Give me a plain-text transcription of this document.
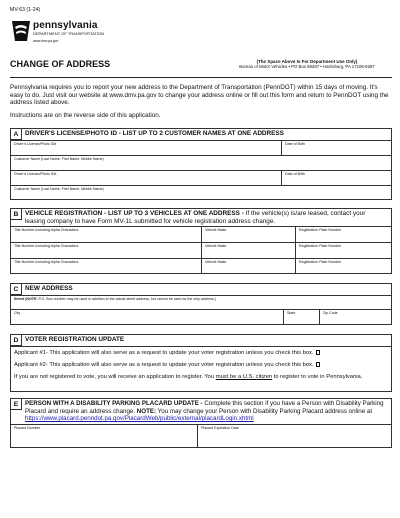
MV-63 (1-24)
pennsylvania
DEPARTMENT OF TRANSPORTATION
www.dmv.pa.gov
CHANGE OF ADDRESS	(The Space Above Is For Department Use Only)
Bureau of Motor Vehicles • PO Box 68287 • Harrisburg, PA 17106-8287
Pennsylvania requires you to report your new address to the Department of Transportation (PennDOT) within 15 days of moving. It's easy to do. Just visit our website at www.dmv.pa.gov to change your address online or fill out this form and return to PennDOT using the address listed above.
Instructions are on the reverse side of this application.
A	DRIVER'S LICENSE/PHOTO ID - LIST UP TO 2 CUSTOMER NAMES AT ONE ADDRESS
Driver's License/Photo ID#	Date of Birth
Customer Name (Last Name, First Name, Middle Name)
Driver's License/Photo ID#	Date of Birth
Customer Name (Last Name, First Name, Middle Name)
B	VEHICLE REGISTRATION - LIST UP TO 3 VEHICLES AT ONE ADDRESS - If the vehicle(s) is/are leased, contact your leasing company to have Form MV-1L submitted for vehicle registration address change.
Title Number Including Alpha Characters	Vehicle Make	Registration Plate Number
Title Number Including Alpha Characters	Vehicle Make	Registration Plate Number
Title Number Including Alpha Characters	Vehicle Make	Registration Plate Number
C	NEW ADDRESS
Street (NOTE: P.O. Box number may be used in addition to the actual street address, but cannot be used as the only address.)
City	State	Zip Code
D	VOTER REGISTRATION UPDATE
Applicant #1- This application will also serve as a request to update your voter registration unless you check this box.
Applicant #2- This application will also serve as a request to update your voter registration unless you check this box.
If you are not registered to vote, you will receive an application to register. You must be a U.S. citizen to register to vote in Pennsylvania.
E	PERSON WITH A DISABILITY PARKING PLACARD UPDATE - Complete this section if you have a Person with Disability Parking Placard and require an address change. NOTE: You may change your Person with Disability Parking Placard address online at https://www.placard.penndot.pa.gov/PlacardWeb/public/external/placardLogin.xhtml
Placard Number	Placard Expiration Date
